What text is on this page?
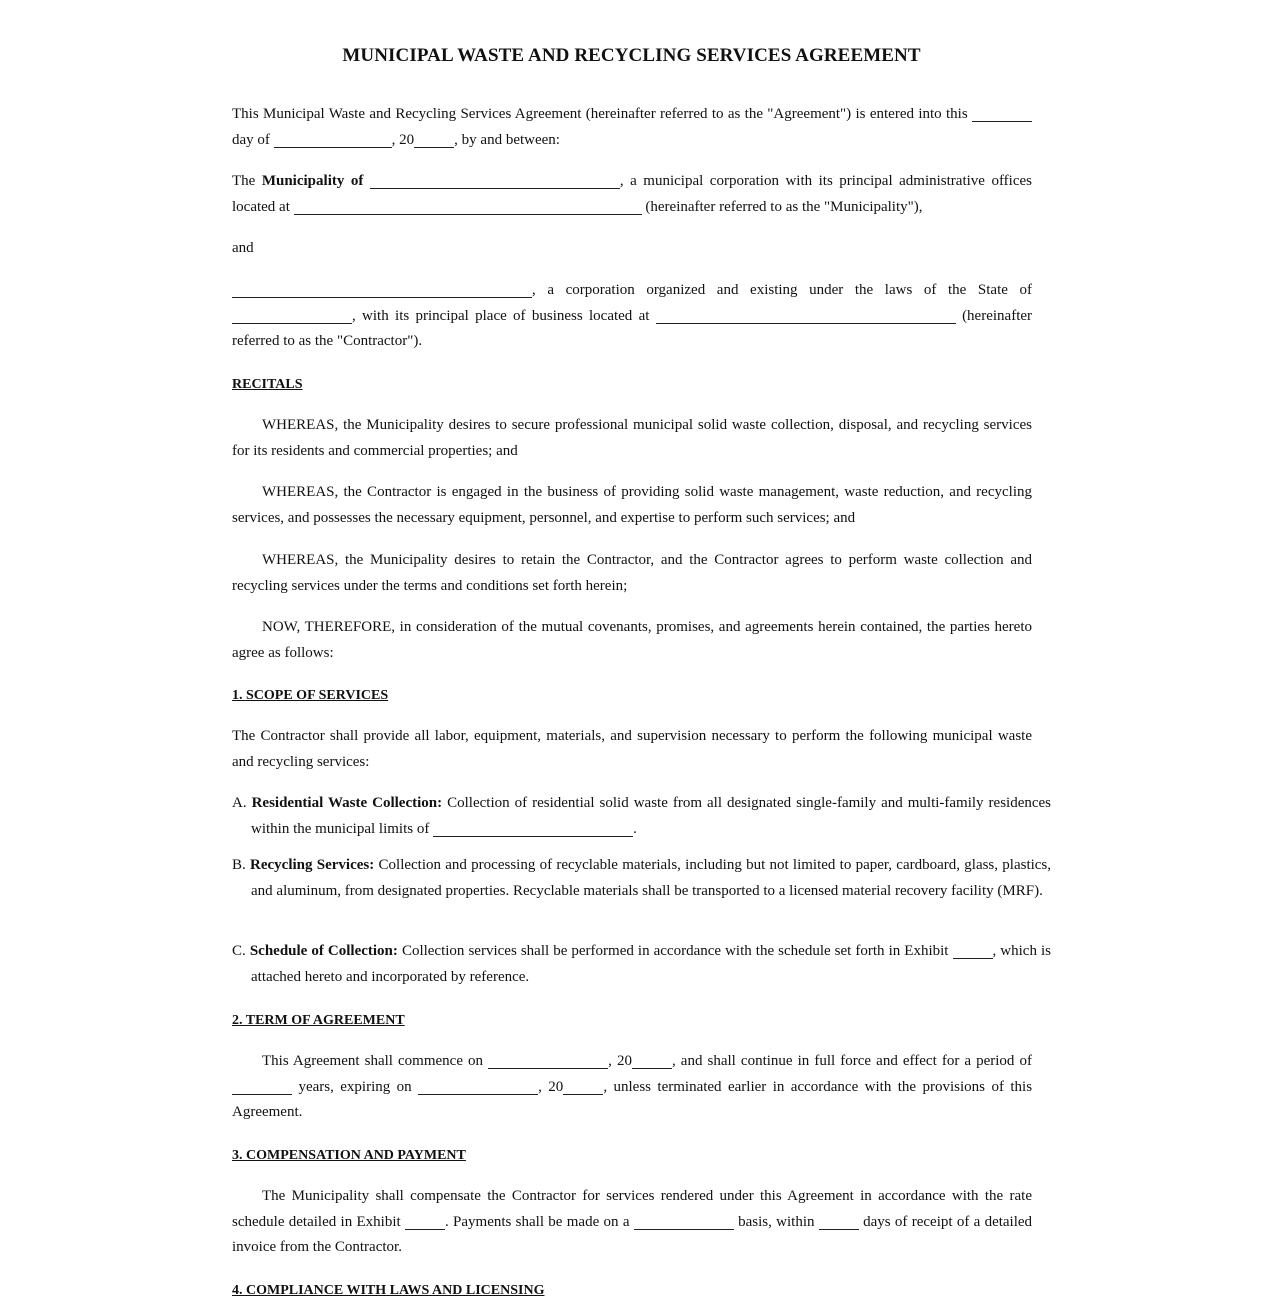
MUNICIPAL WASTE AND RECYCLING SERVICES AGREEMENT
This Municipal Waste and Recycling Services Agreement (hereinafter referred to as the "Agreement") is entered into this  day of	, 20	, by and between:
The Municipality of	, a municipal corporation with its principal administrative offices located at	(hereinafter referred to as the "Municipality"),
and
, a corporation organized and existing under the laws of the State of , with its principal place of business located at	(hereinafter referred to as the "Contractor").
RECITALS
WHEREAS, the Municipality desires to secure professional municipal solid waste collection, disposal, and recycling services for its residents and commercial properties; and
WHEREAS, the Contractor is engaged in the business of providing solid waste management, waste reduction, and recycling services, and possesses the necessary equipment, personnel, and expertise to perform such services; and
WHEREAS, the Municipality desires to retain the Contractor, and the Contractor agrees to perform waste collection and recycling services under the terms and conditions set forth herein;
NOW, THEREFORE, in consideration of the mutual covenants, promises, and agreements herein contained, the parties hereto agree as follows:
1. SCOPE OF SERVICES
The Contractor shall provide all labor, equipment, materials, and supervision necessary to perform the following municipal waste and recycling services:
A. Residential Waste Collection: Collection of residential solid waste from all designated single-family and multi-family residences within the municipal limits of	.
B. Recycling Services: Collection and processing of recyclable materials, including but not limited to paper, cardboard, glass, plastics, and aluminum, from designated properties. Recyclable materials shall be transported to a licensed material recovery facility (MRF).
C. Schedule of Collection: Collection services shall be performed in accordance with the schedule set forth in Exhibit	, which is attached hereto and incorporated by reference.
2. TERM OF AGREEMENT
This Agreement shall commence on	, 20	, and shall continue in full force and effect for a period of  years, expiring on	, 20	, unless terminated earlier in accordance with the provisions of this Agreement.
3. COMPENSATION AND PAYMENT
The Municipality shall compensate the Contractor for services rendered under this Agreement in accordance with the rate schedule detailed in Exhibit	. Payments shall be made on a	basis, within	days of receipt of a detailed invoice from the Contractor.
4. COMPLIANCE WITH LAWS AND LICENSING
